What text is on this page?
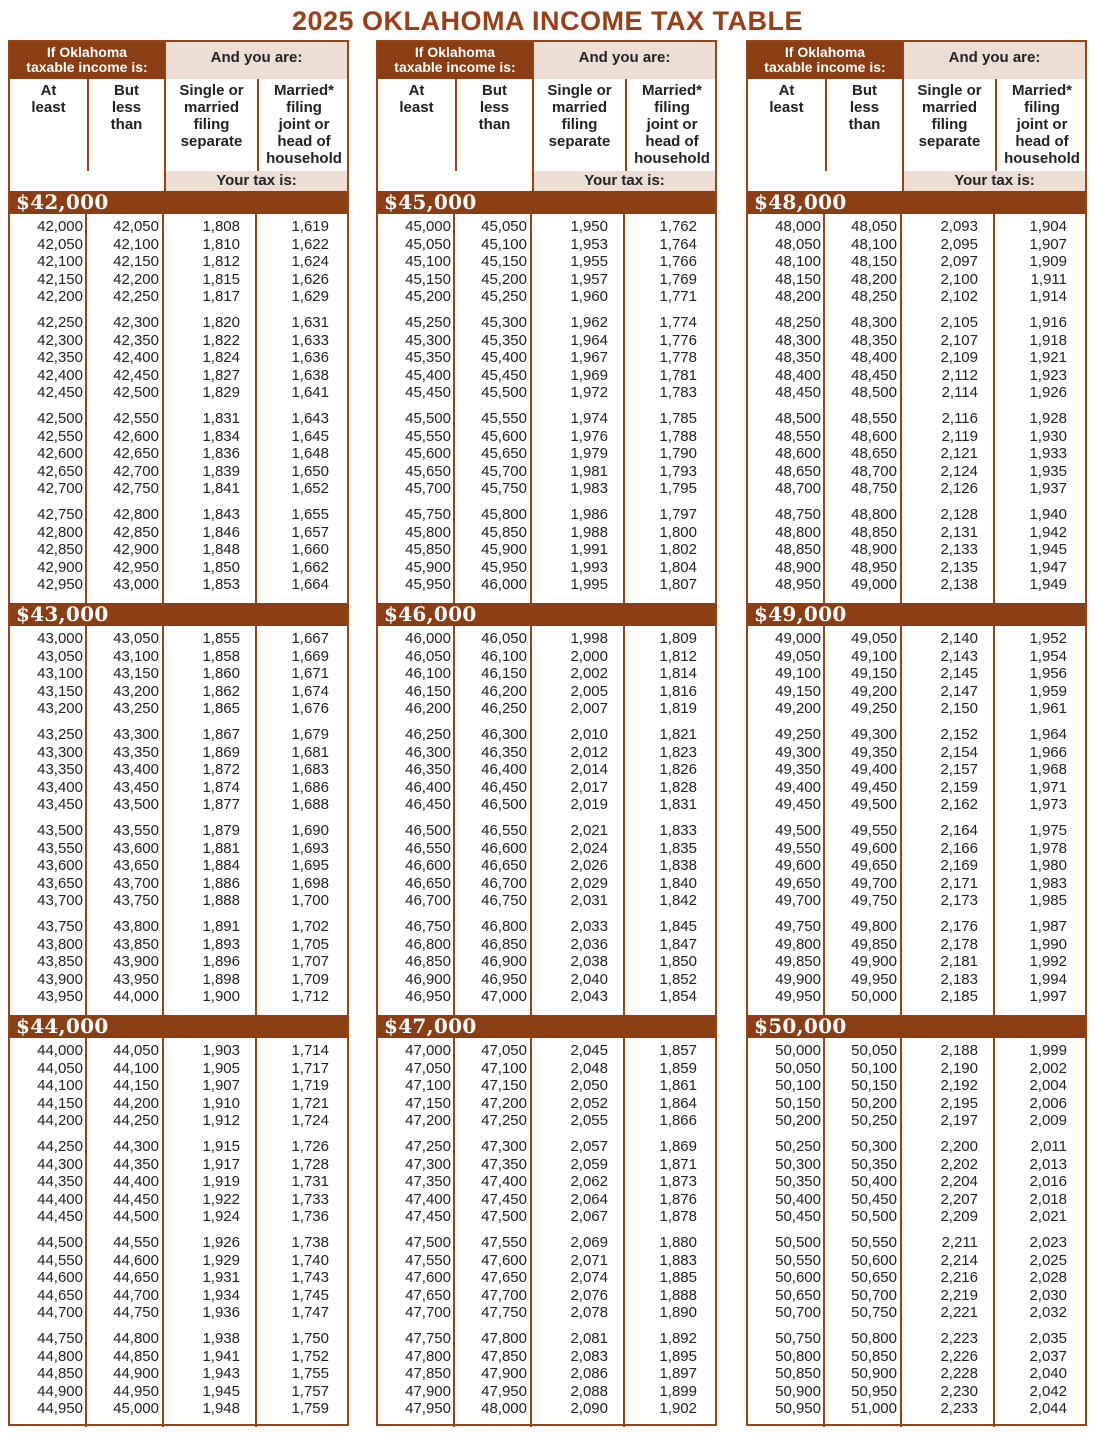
2025 OKLAHOMA INCOME TAX TABLE
If Oklahoma
taxable income is:
And you are:
At
least
But
less
than
Single or
married
filing
separate
Married*
filing
joint or
head of
household
Your tax is:
$42,000
42,000 42,050	1,808	1,619
42,050 42,100	1,810	1,622
42,100 42,150	1,812	1,624
42,150 42,200	1,815	1,626
42,200 42,250	1,817	1,629
42,250 42,300	1,820	1,631
42,300 42,350	1,822	1,633
42,350 42,400	1,824	1,636
42,400 42,450	1,827	1,638
42,450 42,500	1,829	1,641
42,500 42,550	1,831	1,643
42,550 42,600	1,834	1,645
42,600 42,650	1,836	1,648
42,650 42,700	1,839	1,650
42,700 42,750	1,841	1,652
42,750 42,800	1,843	1,655
42,800 42,850	1,846	1,657
42,850 42,900	1,848	1,660
42,900 42,950	1,850	1,662
42,950 43,000	1,853	1,664
$43,000
43,000 43,050	1,855	1,667
43,050 43,100	1,858	1,669
43,100 43,150	1,860	1,671
43,150 43,200	1,862	1,674
43,200 43,250	1,865	1,676
43,250 43,300	1,867	1,679
43,300 43,350	1,869	1,681
43,350 43,400	1,872	1,683
43,400 43,450	1,874	1,686
43,450 43,500	1,877	1,688
43,500 43,550	1,879	1,690
43,550 43,600	1,881	1,693
43,600 43,650	1,884	1,695
43,650 43,700	1,886	1,698
43,700 43,750	1,888	1,700
43,750 43,800	1,891	1,702
43,800 43,850	1,893	1,705
43,850 43,900	1,896	1,707
43,900 43,950	1,898	1,709
43,950 44,000	1,900	1,712
$44,000
44,000 44,050	1,903	1,714
44,050 44,100	1,905	1,717
44,100 44,150	1,907	1,719
44,150 44,200	1,910	1,721
44,200 44,250	1,912	1,724
44,250 44,300	1,915	1,726
44,300 44,350	1,917	1,728
44,350 44,400	1,919	1,731
44,400 44,450	1,922	1,733
44,450 44,500	1,924	1,736
44,500 44,550	1,926	1,738
44,550 44,600	1,929	1,740
44,600 44,650	1,931	1,743
44,650 44,700	1,934	1,745
44,700 44,750	1,936	1,747
44,750 44,800	1,938	1,750
44,800 44,850	1,941	1,752
44,850 44,900	1,943	1,755
44,900 44,950	1,945	1,757
44,950 45,000	1,948	1,759
If Oklahoma
taxable income is:
And you are:
At
least
But
less
than
Single or
married
filing
separate
Married*
filing
joint or
head of
household
Your tax is:
$45,000
45,000 45,050	1,950	1,762
45,050 45,100	1,953	1,764
45,100 45,150	1,955	1,766
45,150 45,200	1,957	1,769
45,200 45,250	1,960	1,771
45,250 45,300	1,962	1,774
45,300 45,350	1,964	1,776
45,350 45,400	1,967	1,778
45,400 45,450	1,969	1,781
45,450 45,500	1,972	1,783
45,500 45,550	1,974	1,785
45,550 45,600	1,976	1,788
45,600 45,650	1,979	1,790
45,650 45,700	1,981	1,793
45,700 45,750	1,983	1,795
45,750 45,800	1,986	1,797
45,800 45,850	1,988	1,800
45,850 45,900	1,991	1,802
45,900 45,950	1,993	1,804
45,950 46,000	1,995	1,807
$46,000
46,000 46,050	1,998	1,809
46,050 46,100	2,000	1,812
46,100 46,150	2,002	1,814
46,150 46,200	2,005	1,816
46,200 46,250	2,007	1,819
46,250 46,300	2,010	1,821
46,300 46,350	2,012	1,823
46,350 46,400	2,014	1,826
46,400 46,450	2,017	1,828
46,450 46,500	2,019	1,831
46,500 46,550	2,021	1,833
46,550 46,600	2,024	1,835
46,600 46,650	2,026	1,838
46,650 46,700	2,029	1,840
46,700 46,750	2,031	1,842
46,750 46,800	2,033	1,845
46,800 46,850	2,036	1,847
46,850 46,900	2,038	1,850
46,900 46,950	2,040	1,852
46,950 47,000	2,043	1,854
$47,000
47,000 47,050	2,045	1,857
47,050 47,100	2,048	1,859
47,100 47,150	2,050	1,861
47,150 47,200	2,052	1,864
47,200 47,250	2,055	1,866
47,250 47,300	2,057	1,869
47,300 47,350	2,059	1,871
47,350 47,400	2,062	1,873
47,400 47,450	2,064	1,876
47,450 47,500	2,067	1,878
47,500 47,550	2,069	1,880
47,550 47,600	2,071	1,883
47,600 47,650	2,074	1,885
47,650 47,700	2,076	1,888
47,700 47,750	2,078	1,890
47,750 47,800	2,081	1,892
47,800 47,850	2,083	1,895
47,850 47,900	2,086	1,897
47,900 47,950	2,088	1,899
47,950 48,000	2,090	1,902
If Oklahoma
taxable income is:
And you are:
At
least
But
less
than
Single or
married
filing
separate
Married*
filing
joint or
head of
household
Your tax is:
$48,000
48,000 48,050	2,093	1,904
48,050 48,100	2,095	1,907
48,100 48,150	2,097	1,909
48,150 48,200	2,100	1,911
48,200 48,250	2,102	1,914
48,250 48,300	2,105	1,916
48,300 48,350	2,107	1,918
48,350 48,400	2,109	1,921
48,400 48,450	2,112	1,923
48,450 48,500	2,114	1,926
48,500 48,550	2,116	1,928
48,550 48,600	2,119	1,930
48,600 48,650	2,121	1,933
48,650 48,700	2,124	1,935
48,700 48,750	2,126	1,937
48,750 48,800	2,128	1,940
48,800 48,850	2,131	1,942
48,850 48,900	2,133	1,945
48,900 48,950	2,135	1,947
48,950 49,000	2,138	1,949
$49,000
49,000 49,050	2,140	1,952
49,050 49,100	2,143	1,954
49,100 49,150	2,145	1,956
49,150 49,200	2,147	1,959
49,200 49,250	2,150	1,961
49,250 49,300	2,152	1,964
49,300 49,350	2,154	1,966
49,350 49,400	2,157	1,968
49,400 49,450	2,159	1,971
49,450 49,500	2,162	1,973
49,500 49,550	2,164	1,975
49,550 49,600	2,166	1,978
49,600 49,650	2,169	1,980
49,650 49,700	2,171	1,983
49,700 49,750	2,173	1,985
49,750 49,800	2,176	1,987
49,800 49,850	2,178	1,990
49,850 49,900	2,181	1,992
49,900 49,950	2,183	1,994
49,950 50,000	2,185	1,997
$50,000
50,000 50,050	2,188	1,999
50,050 50,100	2,190	2,002
50,100 50,150	2,192	2,004
50,150 50,200	2,195	2,006
50,200 50,250	2,197	2,009
50,250 50,300	2,200	2,011
50,300 50,350	2,202	2,013
50,350 50,400	2,204	2,016
50,400 50,450	2,207	2,018
50,450 50,500	2,209	2,021
50,500 50,550	2,211	2,023
50,550 50,600	2,214	2,025
50,600 50,650	2,216	2,028
50,650 50,700	2,219	2,030
50,700 50,750	2,221	2,032
50,750 50,800	2,223	2,035
50,800 50,850	2,226	2,037
50,850 50,900	2,228	2,040
50,900 50,950	2,230	2,042
50,950 51,000	2,233	2,044
